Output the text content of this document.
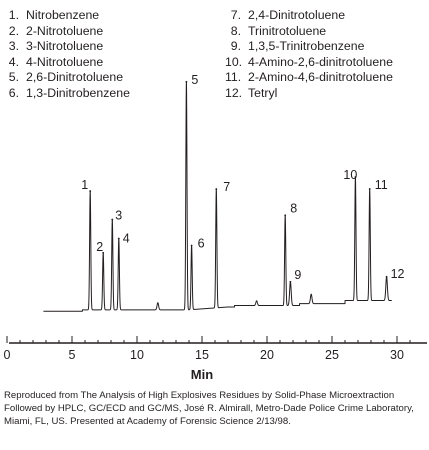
1. Nitrobenzene
2. 2-Nitrotoluene
3. 3-Nitrotoluene
4. 4-Nitrotoluene
5. 2,6-Dinitrotoluene
6. 1,3-Dinitrobenzene
7. 2,4-Dinitrotoluene
8. Trinitrotoluene
9. 1,3,5-Trinitrobenzene
10. 4-Amino-2,6-dinitrotoluene
11. 2-Amino-4,6-dinitrotoluene
12. Tetryl
0	5	10	15	20	25	30
Min
1
2
3
4
5
6
7
8
9
10
11
12
Reproduced from The Analysis of High Explosives Residues by Solid-Phase Microextraction Followed by HPLC, GC/ECD and GC/MS, José R. Almirall, Metro-Dade Police Crime Laboratory, Miami, FL, US. Presented at Academy of Forensic Science 2/13/98.
